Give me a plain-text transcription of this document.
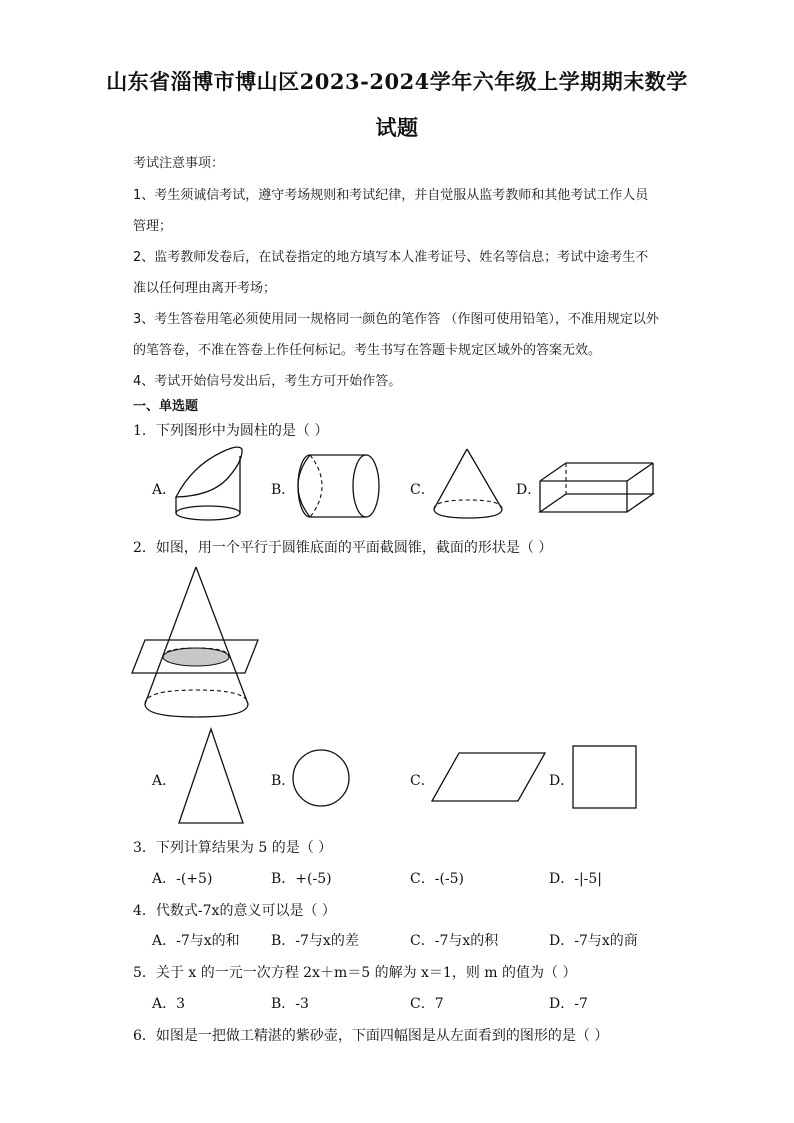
山东省淄博市博山区2023-2024学年六年级上学期期末数学
试题
考试注意事项：
1、考生须诚信考试，遵守考场规则和考试纪律，并自觉服从监考教师和其他考试工作人员
管理；
2、监考教师发卷后，在试卷指定的地方填写本人准考证号、姓名等信息；考试中途考生不
准以任何理由离开考场；
3、考生答卷用笔必须使用同一规格同一颜色的笔作答 （作图可使用铅笔），不准用规定以外
的笔答卷，不准在答卷上作任何标记。考生书写在答题卡规定区域外的答案无效。
4、考试开始信号发出后，考生方可开始作答。
一、单选题
1．下列图形中为圆柱的是（ ）
A．	B．	C．	D．
2．如图，用一个平行于圆锥底面的平面截圆锥，截面的形状是（ ）
A．	B．	C．	D．
3．下列计算结果为 5 的是（ ）
A．-(+5)	B．+(-5)	C．-(-5)	D．-|-5|
4．代数式-7x的意义可以是（ ）
A．-7与x的和 B．-7与x的差	C．-7与x的积	D．-7与x的商
5．关于 x 的一元一次方程 2x＋m＝5 的解为 x＝1，则 m 的值为（ ）
A．3	B．-3	C．7	D．-7
6．如图是一把做工精湛的紫砂壶，下面四幅图是从左面看到的图形的是（ ）
